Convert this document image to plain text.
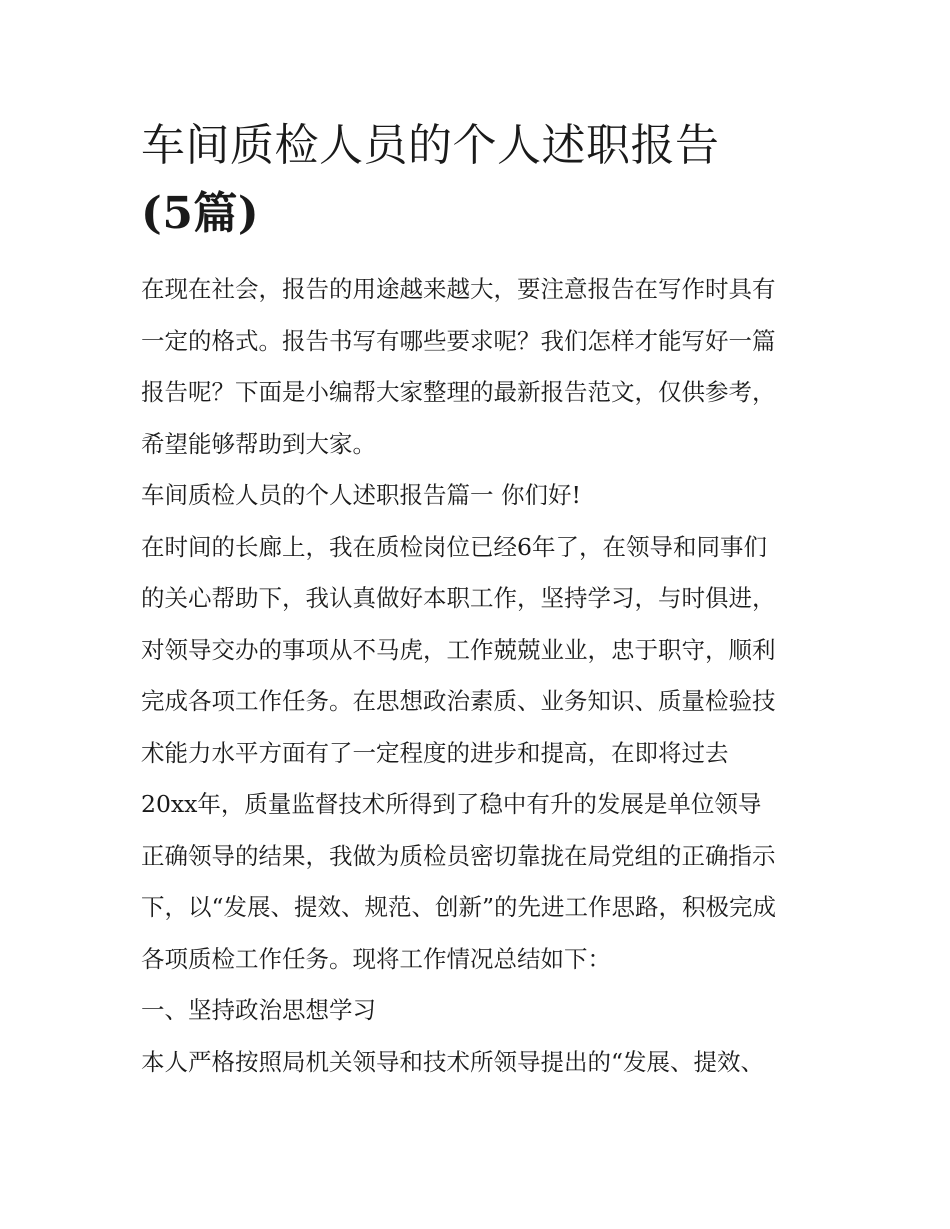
车间质检人员的个人述职报告
(5篇)

在现在社会，报告的用途越来越大，要注意报告在写作时具有
一定的格式。报告书写有哪些要求呢？我们怎样才能写好一篇
报告呢？下面是小编帮大家整理的最新报告范文，仅供参考，
希望能够帮助到大家。

车间质检人员的个人述职报告篇一 你们好!

在时间的长廊上，我在质检岗位已经6年了，在领导和同事们
的关心帮助下，我认真做好本职工作，坚持学习，与时俱进，
对领导交办的事项从不马虎，工作兢兢业业，忠于职守，顺利
完成各项工作任务。在思想政治素质、业务知识、质量检验技
术能力水平方面有了一定程度的进步和提高，在即将过去
20xx年，质量监督技术所得到了稳中有升的发展是单位领导
正确领导的结果，我做为质检员密切靠拢在局党组的正确指示
下，以“发展、提效、规范、创新”的先进工作思路，积极完成
各项质检工作任务。现将工作情况总结如下：

一、坚持政治思想学习

本人严格按照局机关领导和技术所领导提出的“发展、提效、
